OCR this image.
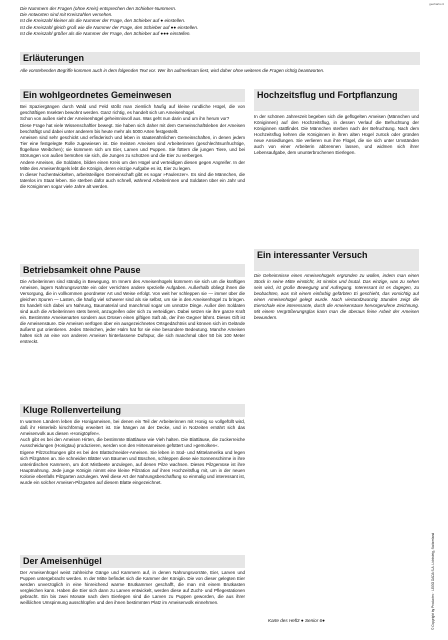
geoharts.nl

Die Nummern der Fragen (ohne Kreis) entsprechen den Schieber-Nummern.

Die Antworten sind mit Kreiszahlen versehen.

Ist die Kreiszahl kleiner als die Nummer der Frage, den Schieber auf ● einstellen.

Ist die Kreiszahl gleich groß wie die Nummer der Frage, den Schieber auf ●● einstellen.

Ist die Kreiszahl größer als die Nummer der Frage, den Schieber auf ●●● einstellen.

Erläuterungen

Alle vorstehenden Begriffe kommen auch in dem folgenden Text vor. Wer ihn aufmerksam liest, wird daher ohne weiteres die Fragen richtig beantworten.

Ein wohlgeordnetes Gemeinwesen

Bei Spaziergängen durch Wald und Feld stößt man ziemlich häufig auf kleine rundliche Hügel, die von geschäftigen Insekten bewohnt werden. Ganz richtig, es handelt sich um Ameisenhügel.

Schon von außen sieht der Ameisenhügel geheimnisvoll aus. Was geht nun darin und um ihn herum vor?

Diese Frage hat viele Wissenschaftler bewegt. Sie haben sich daher mit dem Gemeinschaftsleben der Ameisen beschäftigt und dabei unter anderem bis heute mehr als 5000 Arten festgestellt.

Ameisen sind sehr geschickt und erfinderisch und leben in staatenähnlichen Gemeinschaften, in denen jedem Tier eine festgelegte Rolle zugewiesen ist. Die meisten Ameisen sind Arbeiterinnen (geschlechtsunfruchtige, flügellose Weibchen); sie kümmern sich um Eier, Larven und Puppen. Sie füttern die jungen Tiere, und bei Störungen von außen bemühen sie sich, die Jungen zu schützen und die Eier zu verbergen.

Andere Ameisen, die Soldaten, bilden einen Kreis um den Hügel und verteidigen diesen gegen Angreifer. In der Mitte des Ameisenhügels lebt die Königin, deren einzige Aufgabe es ist, Eier zu legen.

In dieser hochentwickelten, arbeitsteiligen Gemeinschaft gibt es sogar »Faulenzer«. Es sind die Männchen, die tatenlos im Staat leben. Sie sterben dafür auch schnell, während Arbeiterinnen und Soldaten über ein Jahr und die Königinnen sogar viele Jahre alt werden.

Betriebsamkeit ohne Pause

Die Arbeiterinnen sind ständig in Bewegung. Im Innern des Ameisenhügels kümmern sie sich um die künftigen Ameisen, lagern Nahrungsvorräte ein oder verrichten andere spezielle Aufgaben. Außerhalb obliegt ihnen die Versorgung, die in vollkommen geordneter Art und Weise erfolgt. Von weit her schleppen sie — immer über die gleichen Spuren — Lasten, die häufig viel schwerer sind als sie selbst, um sie in den Ameisenhügel zu bringen. Es handelt sich dabei um Nahrung, Baumaterial und manchmal sogar um unnütze Dinge. Außer den Soldaten sind auch die Arbeiterinnen stets bereit, anzugreifen oder sich zu verteidigen. Dabei setzen sie ihre ganze Kraft ein. Bestimmte Ameisenarten sondern aus Drüsen einen giftigen Saft ab, der ihre Gegner lähmt. Dieses Gift ist die Ameisensäure. Die Ameisen verfügen über ein ausgezeichnetes Ortsgedächtnis und können sich im Gelände äußerst gut orientieren. Jedes Steinchen, jeder Halm hat für sie eine besondere Bedeutung. Manche Ameisen halten sich an eine von anderen Ameisen hinterlassene Duftspur, die sich manchmal über 50 bis 100 Meter erstreckt.

Kluge Rollenverteilung

In warmen Ländern leben die Honigameisen, bei denen ein Teil der Arbeiterinnen mit Honig so vollgefüllt wird, daß ihr Hinterleib kirschförmig erweitert ist. Sie hängen an der Decke, und in Notzeiten ernährt sich das Ameisenvolk aus diesen »Honigtöpfen«.

Auch gibt es bei den Ameisen Hirten, die bestimmte Blattläuse wie Vieh halten. Die Blattläuse, die zuckerreiche Ausscheidungen (Honigtau) produzieren, werden von den Hirtenameisen gefüttert und »gemolken«.

Eigene Pilzzüchtungen gibt es bei den Blattschneider-Ameisen. Sie leben in Süd- und Mittelamerika und legen sich Pilzgärten an. Sie schneiden Blätter von Bäumen und Büschen, schleppen diese wie Sonnenschirme in ihre unterirdischen Kammern, um dort Mistbeete anzulegen, auf denen Pilze wachsen. Dieses Pilzgemüse ist ihre Hauptnahrung. Jede junge Königin nimmt eine kleine Pilzration auf ihren Hochzeitsflug mit, um in der neuen Kolonie ebenfalls Pilzgarten anzulegen. Weil diese Art der Nahrungsbeschaffung so einmalig und interessant ist, wurde ein solcher Ameisen-Pilzgarten auf diesem Blatte eingezeichnet.

Der Ameisenhügel

Der Ameisenhügel weist zahlreiche Gänge und Kammern auf, in denen Nahrungsvorräte, Eier, Larven und Puppen untergebracht werden. In der Mitte befindet sich die Kammer der Königin. Die von dieser gelegten Eier werden unverzüglich in eine hinreichend warme Brutkammer geschafft, die man mit einem Brutkasten vergleichen kann. Haben die Eier sich dann zu Larven entwickelt, werden diese auf Zucht- und Pflegestationen gebracht. Ein bis zwei Monate nach dem Eierlegen sind die Larven zu Puppen geworden, die aus ihrer weißlichen Umspinnung ausschlüpfen und den ihnen bestimmten Platz im Ameisenvolk einnehmen.

Hochzeitsflug und Fortpflanzung

In der schönen Jahreszeit begeben sich die geflügelten Ameisen (Männchen und Königinnen) auf den Hochzeitsflug, in dessen Verlauf die Befruchtung der Königinnen stattfindet. Die Männchen sterben nach der Befruchtung. Nach dem Hochzeitsflug kehren die Königinnen in ihren alten Hügel zurück oder gründen neue Ansiedlungen. Sie verlieren nun ihre Flügel, die sie sich unter Umständen auch von einer Arbeiterin abbrennen lassen, und widmen sich ihrer Lebensaufgabe, dem ununterbrochenen Eierlegen.

Ein interessanter Versuch

Die Geheimnisse eines Ameisenhügels ergründen zu wollen, indem man einen Stock in seine Mitte einsticht, ist sinnlos und brutal. Das einzige, was zu sehen sein wird, ist große Bewegung und Aufregung. Interessant ist es dagegen, zu beobachten, was mit einem einfarbig gefärbten Ei geschieht, das vorsichtig auf einen Ameisenhügel gelegt wurde. Nach viertundzwanzig Stunden zeigt die Eierschale eine interessante, durch die Ameisensäure hervorgerufene Zeichnung. Mit einem Vergrößerungsglas kann man die überaus feine Arbeit der Ameisen bewundern.

© Copyright by Productec · LEGO DADA S.A. Lichtsteig, Switzerland
Karte des Heftz ● Senior 6●
